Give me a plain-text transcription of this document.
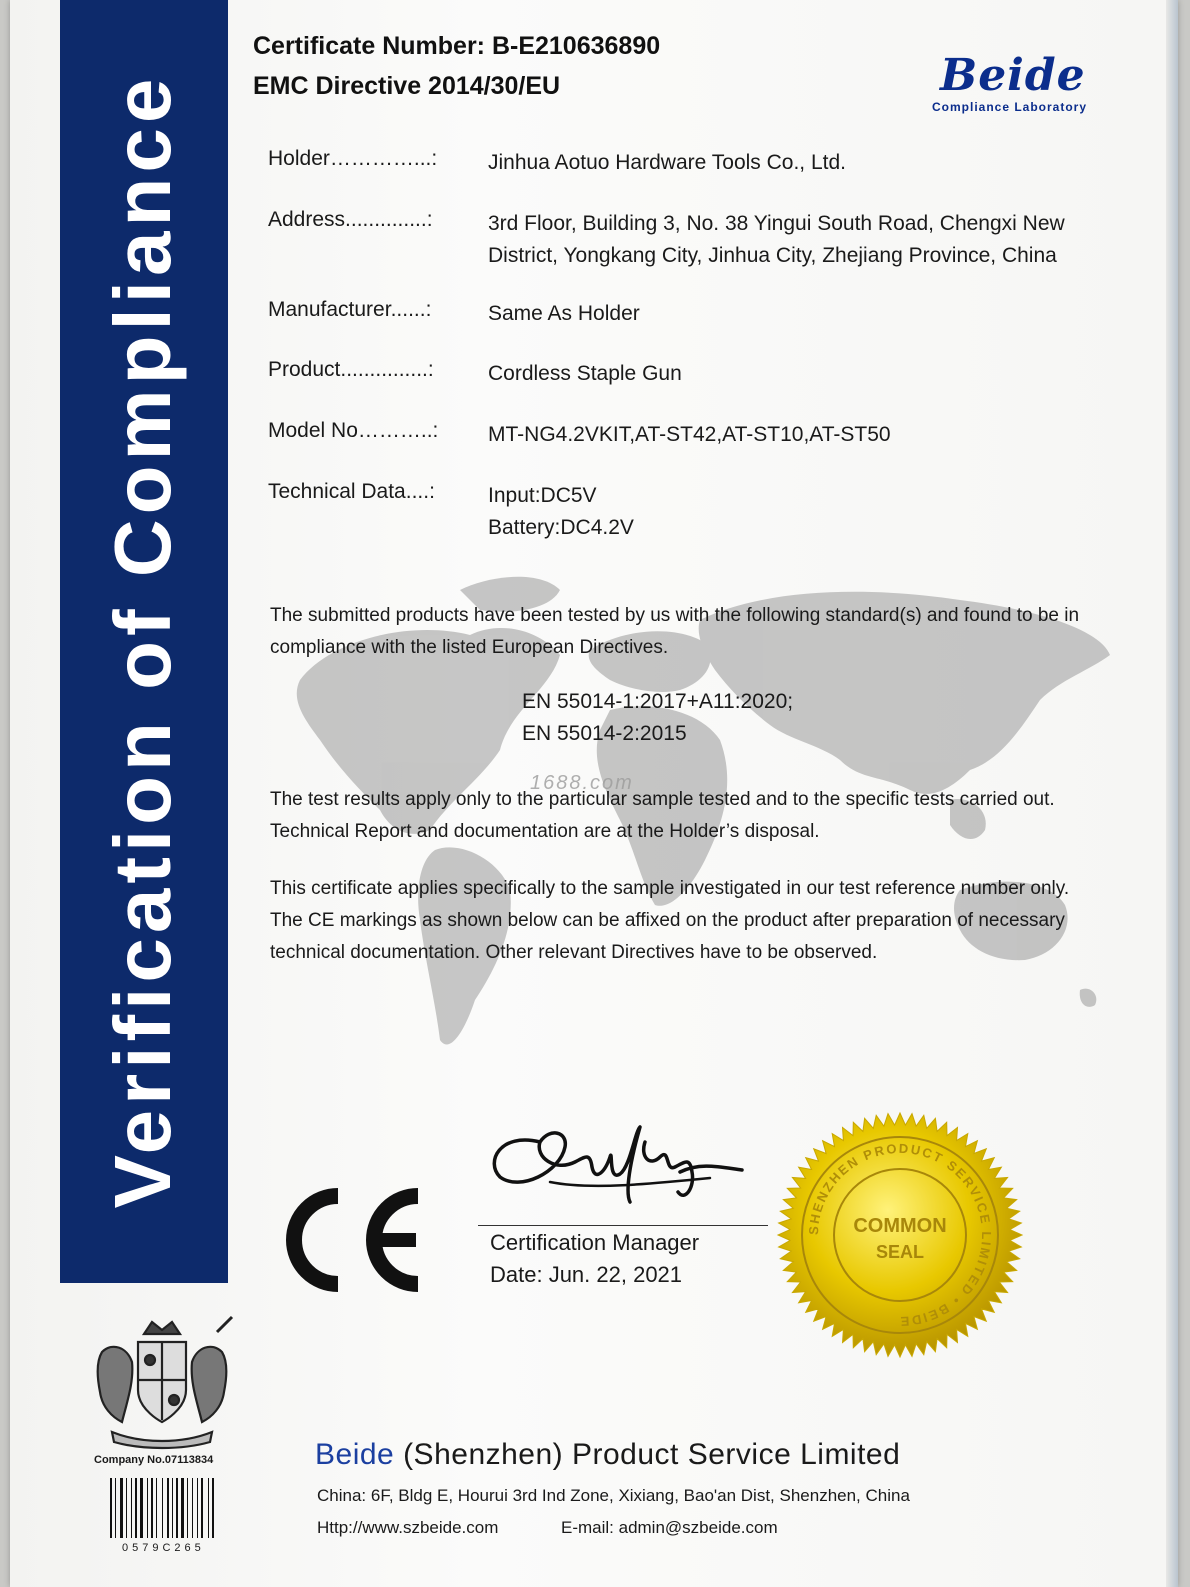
Verification of Compliance
Certificate Number: B-E210636890
EMC Directive 2014/30/EU	Beide
Compliance Laboratory
Holder…………...:	Jinhua Aotuo Hardware Tools Co., Ltd.
Address..............:	3rd Floor, Building 3, No. 38 Yingui South Road, Chengxi New
District, Yongkang City, Jinhua City, Zhejiang Province, China
Manufacturer......:	Same As Holder
Product...............:	Cordless Staple Gun
Model No………..:	MT-NG4.2VKIT,AT-ST42,AT-ST10,AT-ST50
Technical Data....:	Input:DC5V
Battery:DC4.2V
The submitted products have been tested by us with the following standard(s) and found to be in
compliance with the listed European Directives.
EN 55014-1:2017+A11:2020;
EN 55014-2:2015
1688.com
The test results apply only to the particular sample tested and to the specific tests carried out.
Technical Report and documentation are at the Holder’s disposal.
This certificate applies specifically to the sample investigated in our test reference number only.
The CE markings as shown below can be affixed on the product after preparation of necessary
technical documentation. Other relevant Directives have to be observed.
Certification Manager
Date: Jun. 22, 2021
SHENZHEN PRODUCT SERVICE LIMITED • BEIDE
COMMON
SEAL
Company No.07113834
0579C265
Beide (Shenzhen) Product Service Limited
China: 6F, Bldg E, Hourui 3rd Ind Zone, Xixiang, Bao'an Dist, Shenzhen, China
Http://www.szbeide.com	E-mail: admin@szbeide.com
